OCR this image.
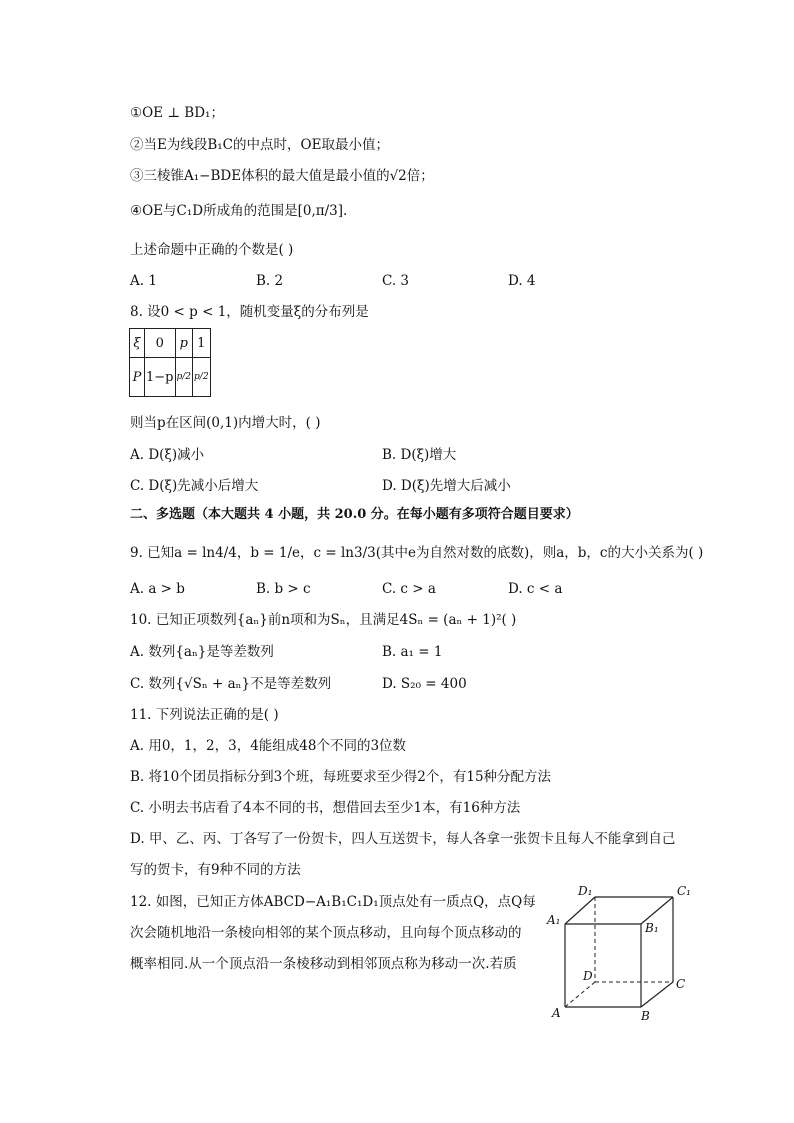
①OE ⊥ BD₁；
②当E为线段B₁C的中点时，OE取最小值；
③三棱锥A₁−BDE体积的最大值是最小值的√2倍；
④OE与C₁D所成角的范围是[0,π/3].
上述命题中正确的个数是( )
A. 1	B. 2	C. 3	D. 4
8. 设0 < p < 1，随机变量ξ的分布列是
ξ	0	p	1
P	1−p	p/2	p/2
则当p在区间(0,1)内增大时，( )
A. D(ξ)减小	B. D(ξ)增大
C. D(ξ)先减小后增大	D. D(ξ)先增大后减小
二、多选题（本大题共 4 小题，共 20.0 分。在每小题有多项符合题目要求）
9. 已知a = ln4/4，b = 1/e，c = ln3/3(其中e为自然对数的底数)，则a，b，c的大小关系为( )
A. a > b	B. b > c	C. c > a	D. c < a
10. 已知正项数列{aₙ}前n项和为Sₙ，且满足4Sₙ = (aₙ + 1)²( )
A. 数列{aₙ}是等差数列	B. a₁ = 1
C. 数列{√Sₙ + aₙ}不是等差数列	D. S₂₀ = 400
11. 下列说法正确的是( )
A. 用0，1，2，3，4能组成48个不同的3位数
B. 将10个团员指标分到3个班，每班要求至少得2个，有15种分配方法
C. 小明去书店看了4本不同的书，想借回去至少1本，有16种方法
D. 甲、乙、丙、丁各写了一份贺卡，四人互送贺卡，每人各拿一张贺卡且每人不能拿到自己
写的贺卡，有9种不同的方法
12. 如图，已知正方体ABCD−A₁B₁C₁D₁顶点处有一质点Q，点Q每
次会随机地沿一条棱向相邻的某个顶点移动，且向每个顶点移动的
概率相同.从一个顶点沿一条棱移动到相邻顶点称为移动一次.若质
D₁	C₁
A₁
B₁
D
C
A	B
